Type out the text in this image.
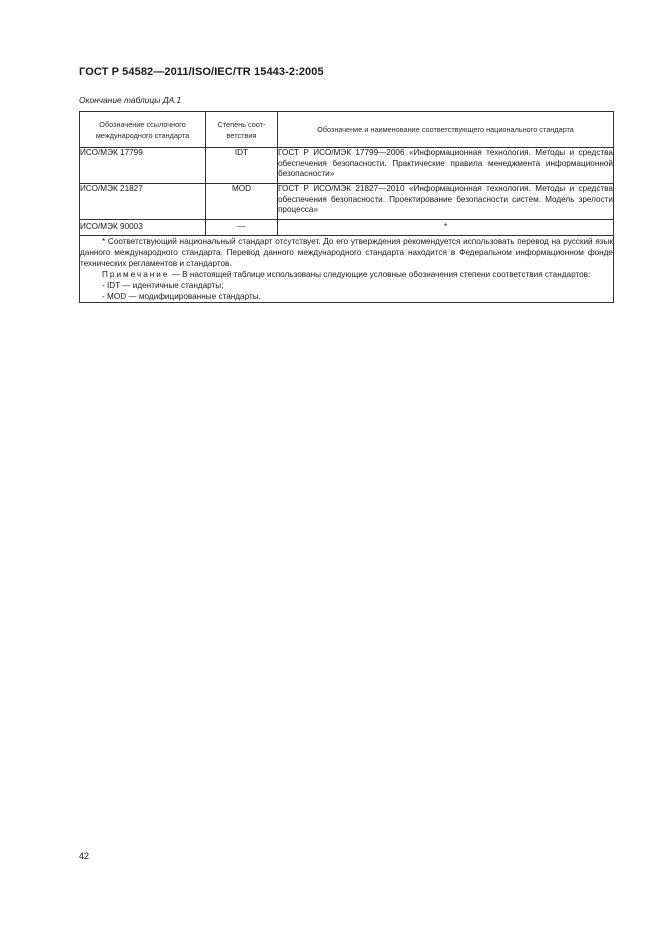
ГОСТ Р 54582—2011/ISO/IEC/TR 15443-2:2005
Окончание таблицы ДА.1
Обозначение ссылочного международного стандарта	Степень соот-ветствия	Обозначение и наименование соответствующего национального стандарта
ИСО/МЭК 17799	IDT	ГОСТ Р ИСО/МЭК 17799—2006 «Информационная технология. Методы и средства обеспечения безопасности. Практические правила менеджмента информационной безопасности»
ИСО/МЭК 21827	MOD	ГОСТ Р ИСО/МЭК 21827—2010 «Информационная технология. Методы и средства обеспечения безопасности. Проектирование безопасности систем. Модель зрелости процесса»
ИСО/МЭК 90003	—	*

* Соответствующий национальный стандарт отсутствует. До его утверждения рекомендуется использовать перевод на русский язык данного международного стандарта. Перевод данного международного стандарта находится в Федеральном информационном фонде технических регламентов и стандартов.

Примечание — В настоящей таблице использованы следующие условные обозначения степени соответствия стандартов:

- IDT — идентичные стандарты;

- MOD — модифицированные стандарты.		

42
